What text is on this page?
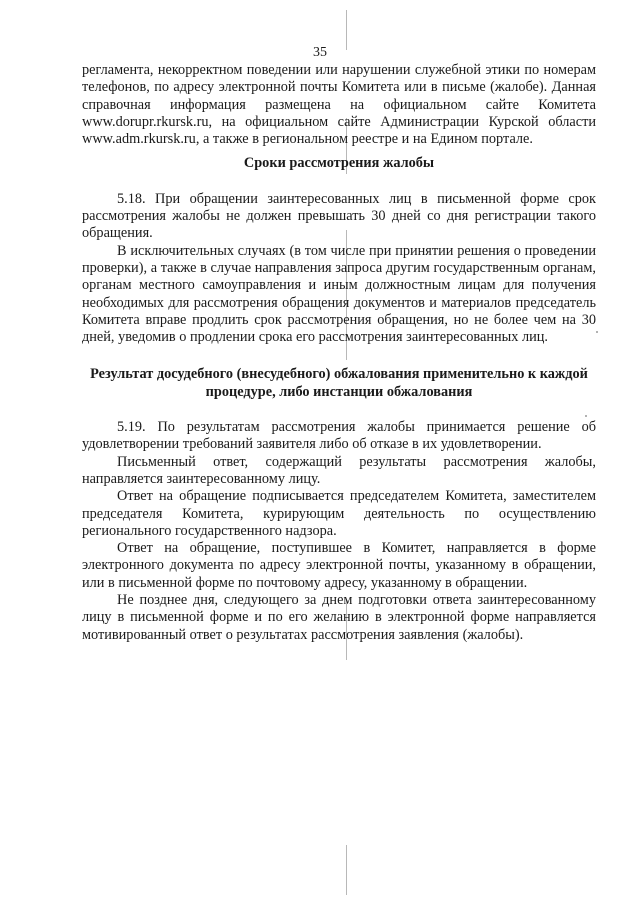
35

регламента, некорректном поведении или нарушении служебной этики по номерам телефонов, по адресу электронной почты Комитета или в письме (жалобе). Данная справочная информация размещена на официальном сайте Комитета www.dorupr.rkursk.ru, на официальном сайте Администрации Курской области www.adm.rkursk.ru, а также в региональном реестре и на Едином портале.

Сроки рассмотрения жалобы

5.18. При обращении заинтересованных лиц в письменной форме срок рассмотрения жалобы не должен превышать 30 дней со дня регистрации такого обращения.

В исключительных случаях (в том числе при принятии решения о проведении проверки), а также в случае направления запроса другим государственным органам, органам местного самоуправления и иным должностным лицам для получения необходимых для рассмотрения обращения документов и материалов председатель Комитета вправе продлить срок рассмотрения обращения, но не более чем на 30 дней, уведомив о продлении срока его рассмотрения заинтересованных лиц.

Результат досудебного (внесудебного) обжалования применительно к каждой процедуре, либо инстанции обжалования

5.19. По результатам рассмотрения жалобы принимается решение об удовлетворении требований заявителя либо об отказе в их удовлетворении.

Письменный ответ, содержащий результаты рассмотрения жалобы, направляется заинтересованному лицу.

Ответ на обращение подписывается председателем Комитета, заместителем председателя Комитета, курирующим деятельность по осуществлению регионального государственного надзора.

Ответ на обращение, поступившее в Комитет, направляется в форме электронного документа по адресу электронной почты, указанному в обращении, или в письменной форме по почтовому адресу, указанному в обращении.

Не позднее дня, следующего за днем подготовки ответа заинтересованному лицу в письменной форме и по его желанию в электронной форме направляется мотивированный ответ о результатах рассмотрения заявления (жалобы).
